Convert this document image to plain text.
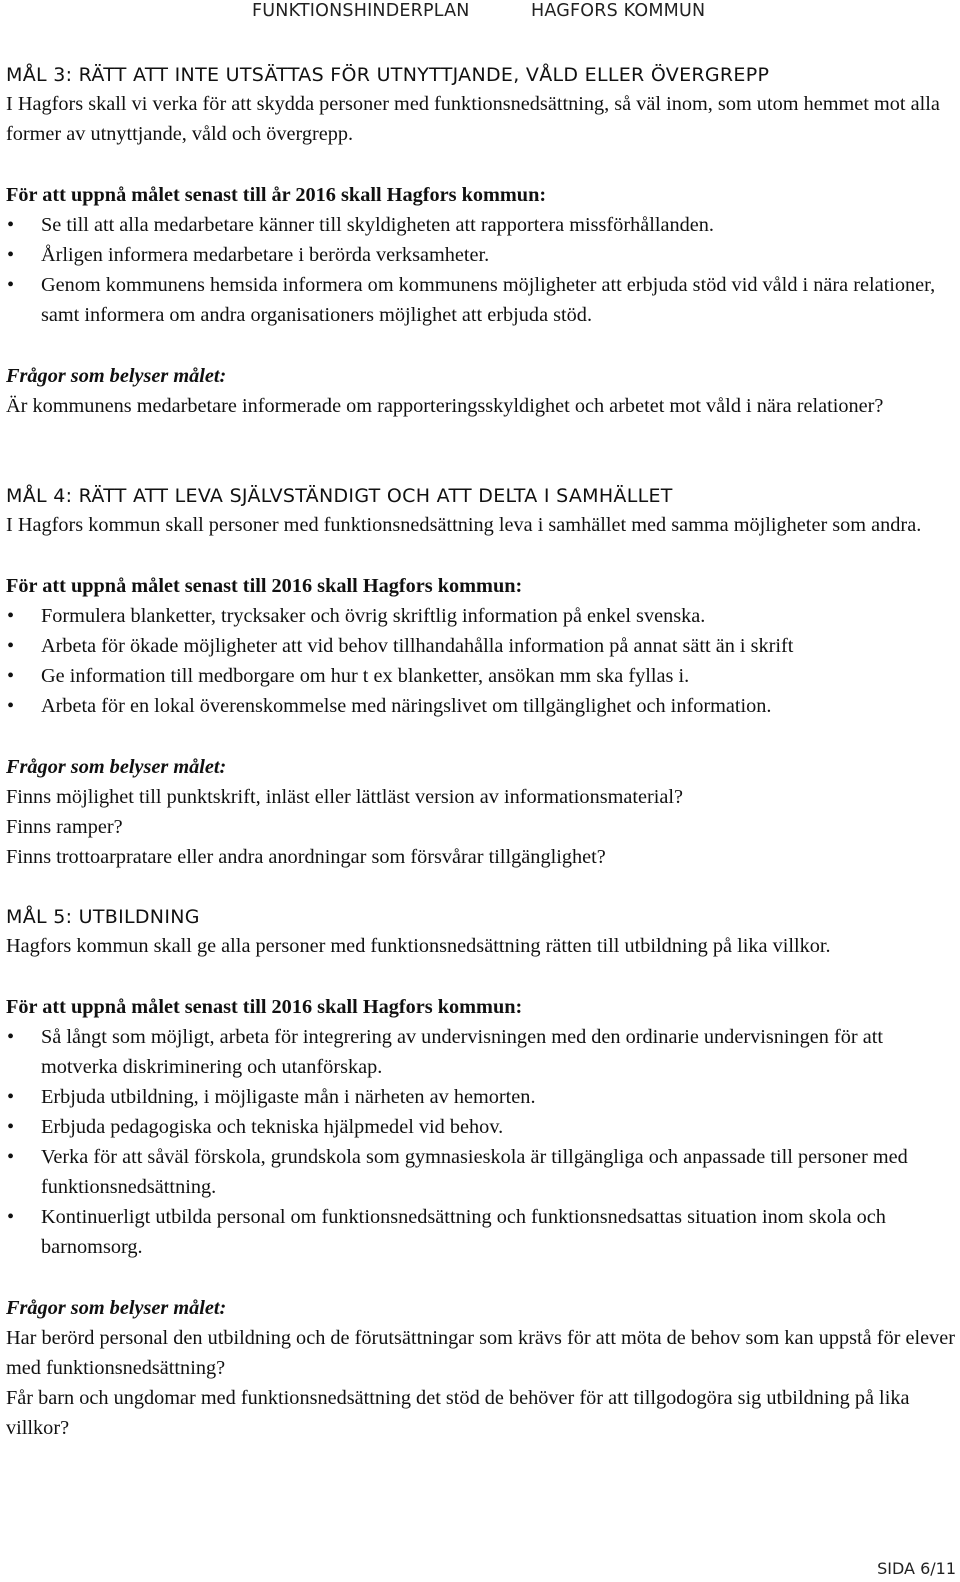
FUNKTIONSHINDERPLAN	HAGFORS KOMMUN
MÅL 3: RÄTT ATT INTE UTSÄTTAS FÖR UTNYTTJANDE, VÅLD ELLER ÖVERGREPP

I Hagfors skall vi verka för att skydda personer med funktionsnedsättning, så väl inom, som utom hemmet mot alla former av utnyttjande, våld och övergrepp.

För att uppnå målet senast till år 2016 skall Hagfors kommun:
• Se till att alla medarbetare känner till skyldigheten att rapportera missförhållanden.
• Årligen informera medarbetare i berörda verksamheter.
• Genom kommunens hemsida informera om kommunens möjligheter att erbjuda stöd vid våld i nära relationer, samt informera om andra organisationers möjlighet att erbjuda stöd.
Frågor som belyser målet:

Är kommunens medarbetare informerade om rapporteringsskyldighet och arbetet mot våld i nära relationer?

MÅL 4: RÄTT ATT LEVA SJÄLVSTÄNDIGT OCH ATT DELTA I SAMHÄLLET

I Hagfors kommun skall personer med funktionsnedsättning leva i samhället med samma möjligheter som andra.

För att uppnå målet senast till 2016 skall Hagfors kommun:
• Formulera blanketter, trycksaker och övrig skriftlig information på enkel svenska.
• Arbeta för ökade möjligheter att vid behov tillhandahålla information på annat sätt än i skrift
• Ge information till medborgare om hur t ex blanketter, ansökan mm ska fyllas i.
• Arbeta för en lokal överenskommelse med näringslivet om tillgänglighet och information.
Frågor som belyser målet:

Finns möjlighet till punktskrift, inläst eller lättläst version av informationsmaterial?

Finns ramper?

Finns trottoarpratare eller andra anordningar som försvårar tillgänglighet?

MÅL 5: UTBILDNING

Hagfors kommun skall ge alla personer med funktionsnedsättning rätten till utbildning på lika villkor.

För att uppnå målet senast till 2016 skall Hagfors kommun:
• Så långt som möjligt, arbeta för integrering av undervisningen med den ordinarie undervisningen för att motverka diskriminering och utanförskap.
• Erbjuda utbildning, i möjligaste mån i närheten av hemorten.
• Erbjuda pedagogiska och tekniska hjälpmedel vid behov.
• Verka för att såväl förskola, grundskola som gymnasieskola är tillgängliga och anpassade till personer med funktionsnedsättning.
• Kontinuerligt utbilda personal om funktionsnedsättning och funktionsnedsattas situation inom skola och barnomsorg.
Frågor som belyser målet:

Har berörd personal den utbildning och de förutsättningar som krävs för att möta de behov som kan uppstå för elever med funktionsnedsättning?

Får barn och ungdomar med funktionsnedsättning det stöd de behöver för att tillgodogöra sig utbildning på lika villkor?

SIDA 6/11
